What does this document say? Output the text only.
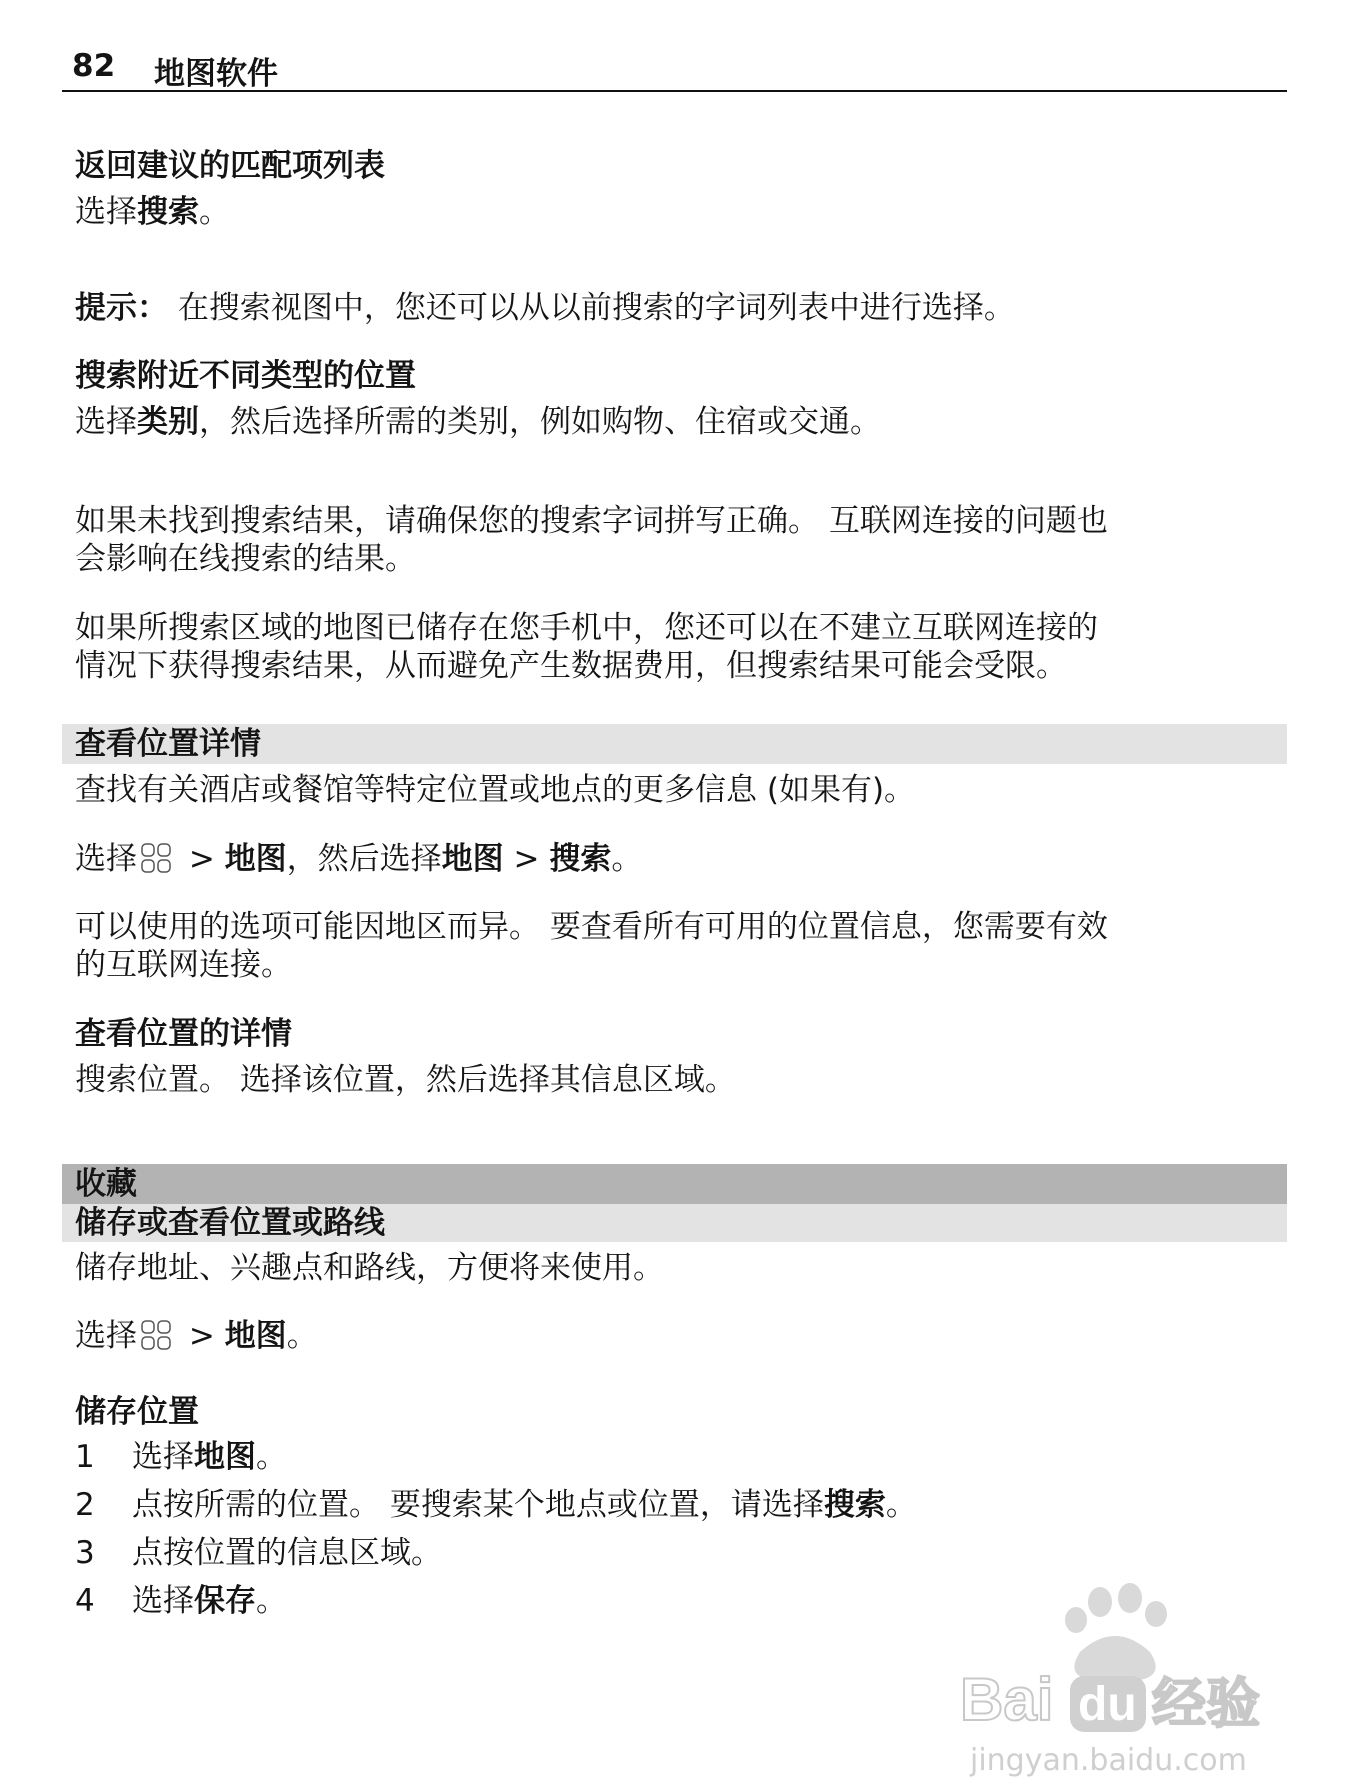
82 地图软件
返回建议的匹配项列表
选择搜索。
提示： 在搜索视图中，您还可以从以前搜索的字词列表中进行选择。
搜索附近不同类型的位置
选择类别，然后选择所需的类别，例如购物、住宿或交通。
如果未找到搜索结果，请确保您的搜索字词拼写正确。 互联网连接的问题也
会影响在线搜索的结果。
如果所搜索区域的地图已储存在您手机中，您还可以在不建立互联网连接的
情况下获得搜索结果，从而避免产生数据费用，但搜索结果可能会受限。
查看位置详情
查找有关酒店或餐馆等特定位置或地点的更多信息 (如果有)。
选择 > 地图，然后选择地图 > 搜索。
可以使用的选项可能因地区而异。 要查看所有可用的位置信息，您需要有效
的互联网连接。
查看位置的详情
搜索位置。 选择该位置，然后选择其信息区域。
收藏
储存或查看位置或路线
储存地址、兴趣点和路线，方便将来使用。
选择 > 地图。
储存位置
1 选择地图。
2 点按所需的位置。 要搜索某个地点或位置，请选择搜索。
3 点按位置的信息区域。
4 选择保存。
Bai du 经验
jingyan.baidu.com
